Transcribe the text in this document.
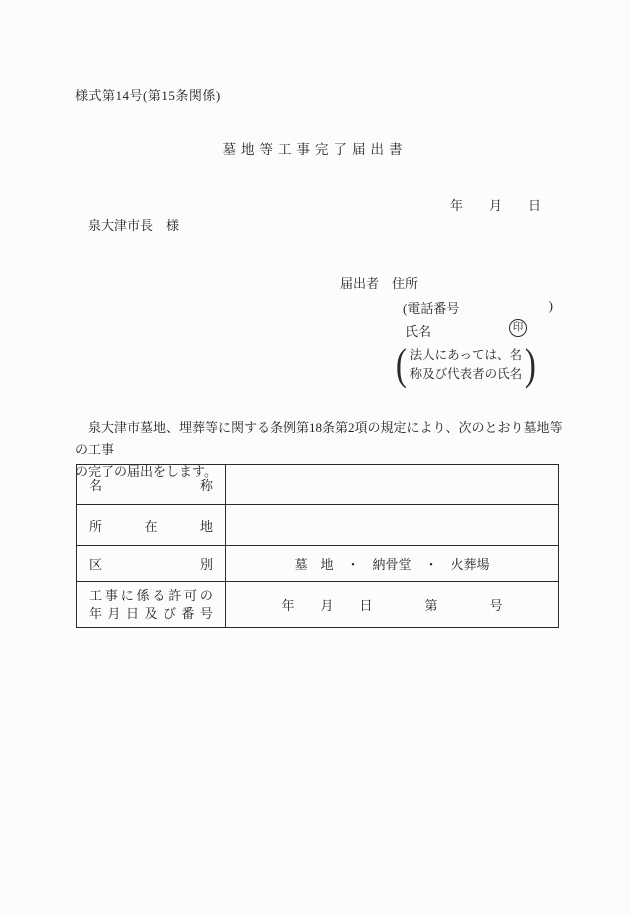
様式第14号(第15条関係)
墓地等工事完了届出書
年　　月　　日
泉大津市長　様
届出者 住所
(電話番号	)
氏名	印
( 法人にあっては、名
称及び代表者の氏名 )
　泉大津市墓地、埋葬等に関する条例第18条第2項の規定により、次のとおり墓地等の工事
の完了の届出をします。
名 称	

所 在 地	

区 別	墓　地　・　納骨堂　・　火葬場

工 事 に 係 る 許 可 の
年 月 日 及 び 番 号	年　　月　　日　　　　第　　　　号
